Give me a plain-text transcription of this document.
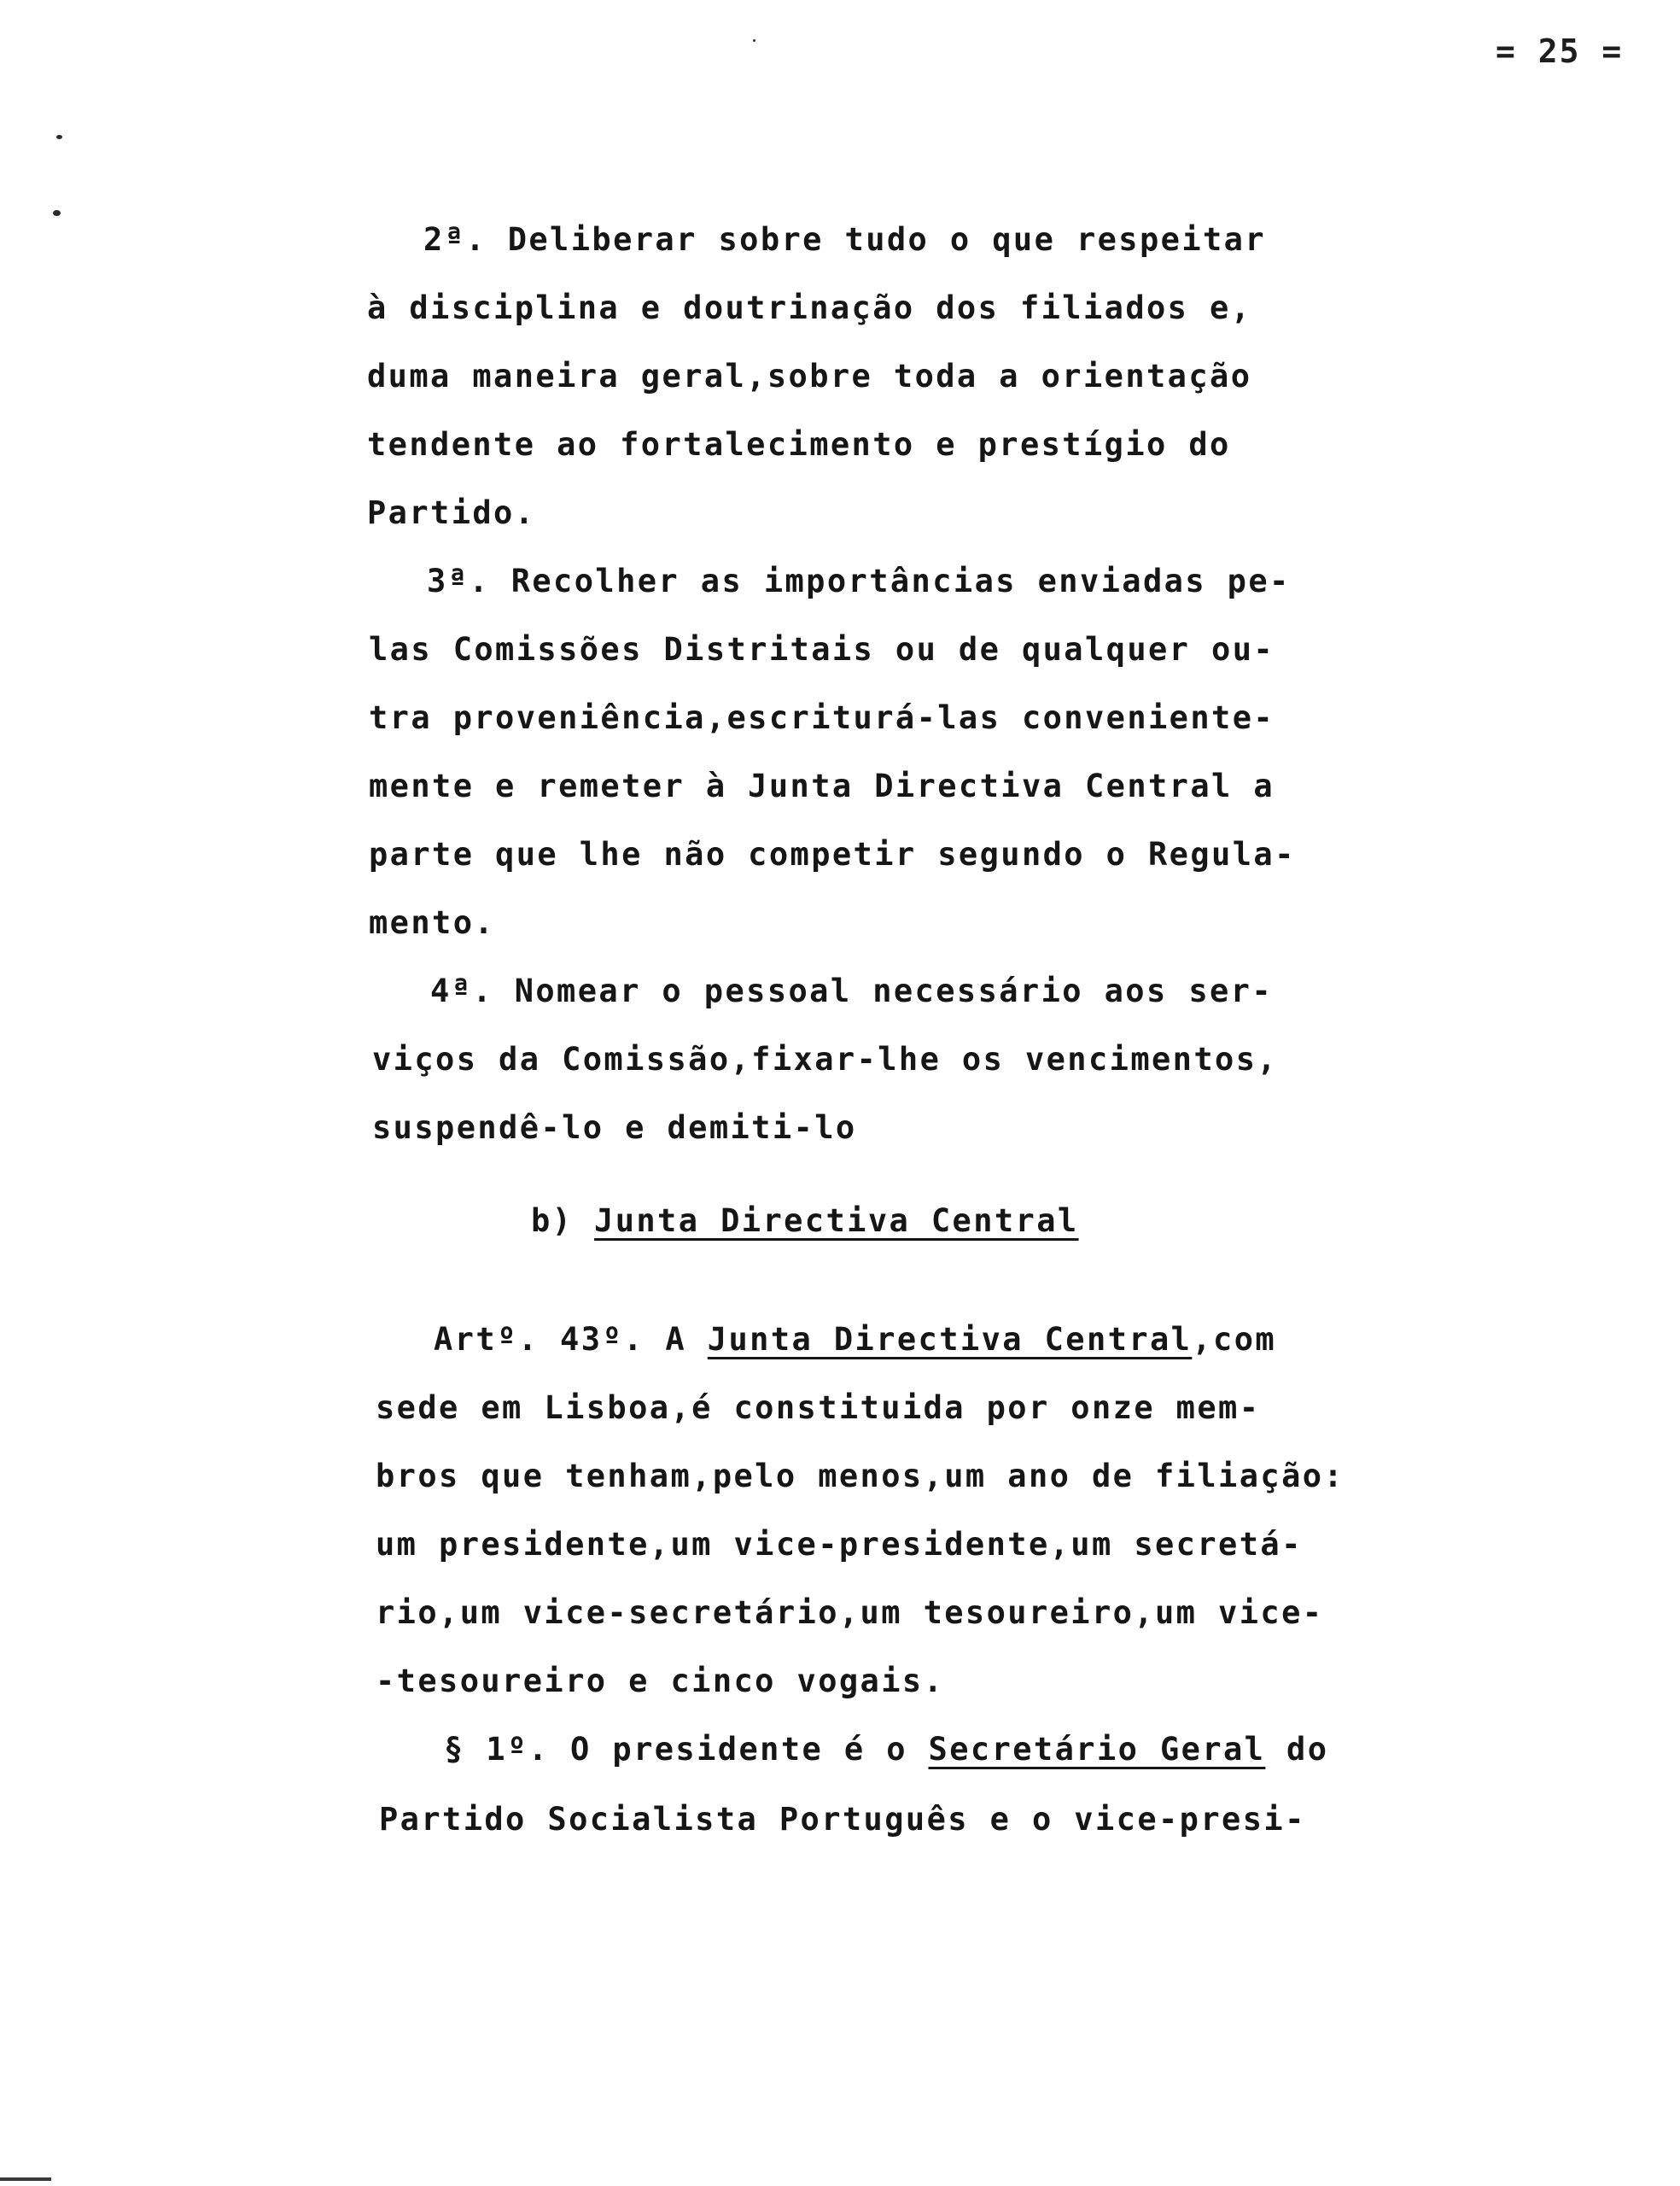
= 25 =
2ª. Deliberar sobre tudo o que respeitar
à disciplina e doutrinação dos filiados e,
duma maneira geral,sobre toda a orientação
tendente ao fortalecimento e prestígio do
Partido.
3ª. Recolher as importâncias enviadas pe-
las Comissões Distritais ou de qualquer ou-
tra proveniência,escriturá-las conveniente-
mente e remeter à Junta Directiva Central a
parte que lhe não competir segundo o Regula-
mento.
4ª. Nomear o pessoal necessário aos ser-
viços da Comissão,fixar-lhe os vencimentos,
suspendê-lo e demiti-lo
b) Junta Directiva Central
Artº. 43º. A Junta Directiva Central,com
sede em Lisboa,é constituida por onze mem-
bros que tenham,pelo menos,um ano de filiação:
um presidente,um vice-presidente,um secretá-
rio,um vice-secretário,um tesoureiro,um vice-
-tesoureiro e cinco vogais.
§ 1º. O presidente é o Secretário Geral do
Partido Socialista Português e o vice-presi-
